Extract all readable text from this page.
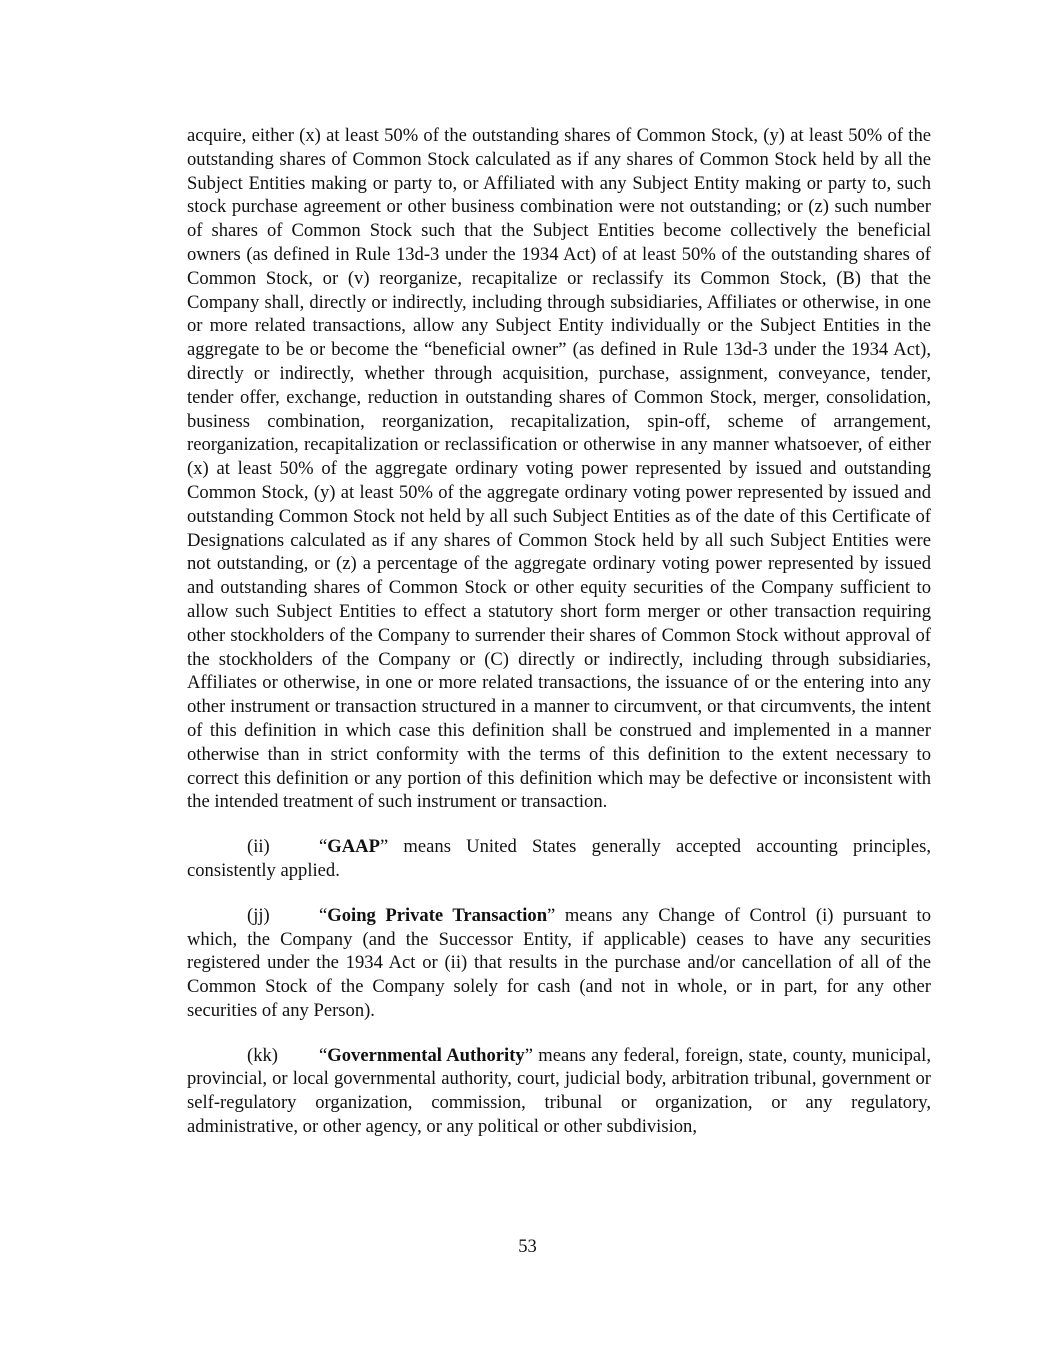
acquire, either (x) at least 50% of the outstanding shares of Common Stock, (y) at least 50% of the outstanding shares of Common Stock calculated as if any shares of Common Stock held by all the Subject Entities making or party to, or Affiliated with any Subject Entity making or party to, such stock purchase agreement or other business combination were not outstanding; or (z) such number of shares of Common Stock such that the Subject Entities become collectively the beneficial owners (as defined in Rule 13d-3 under the 1934 Act) of at least 50% of the outstanding shares of Common Stock, or (v) reorganize, recapitalize or reclassify its Common Stock, (B) that the Company shall, directly or indirectly, including through subsidiaries, Affiliates or otherwise, in one or more related transactions, allow any Subject Entity individually or the Subject Entities in the aggregate to be or become the “beneficial owner” (as defined in Rule 13d-3 under the 1934 Act), directly or indirectly, whether through acquisition, purchase, assignment, conveyance, tender, tender offer, exchange, reduction in outstanding shares of Common Stock, merger, consolidation, business combination, reorganization, recapitalization, spin-off, scheme of arrangement, reorganization, recapitalization or reclassification or otherwise in any manner whatsoever, of either (x) at least 50% of the aggregate ordinary voting power represented by issued and outstanding Common Stock, (y) at least 50% of the aggregate ordinary voting power represented by issued and outstanding Common Stock not held by all such Subject Entities as of the date of this Certificate of Designations calculated as if any shares of Common Stock held by all such Subject Entities were not outstanding, or (z) a percentage of the aggregate ordinary voting power represented by issued and outstanding shares of Common Stock or other equity securities of the Company sufficient to allow such Subject Entities to effect a statutory short form merger or other transaction requiring other stockholders of the Company to surrender their shares of Common Stock without approval of the stockholders of the Company or (C) directly or indirectly, including through subsidiaries, Affiliates or otherwise, in one or more related transactions, the issuance of or the entering into any other instrument or transaction structured in a manner to circumvent, or that circumvents, the intent of this definition in which case this definition shall be construed and implemented in a manner otherwise than in strict conformity with the terms of this definition to the extent necessary to correct this definition or any portion of this definition which may be defective or inconsistent with the intended treatment of such instrument or transaction.

(ii)	“GAAP” means United States generally accepted accounting principles, consistently applied.

(jj)	“Going Private Transaction” means any Change of Control (i) pursuant to which, the Company (and the Successor Entity, if applicable) ceases to have any securities registered under the 1934 Act or (ii) that results in the purchase and/or cancellation of all of the Common Stock of the Company solely for cash (and not in whole, or in part, for any other securities of any Person).

(kk) “Governmental Authority” means any federal, foreign, state, county, municipal, provincial, or local governmental authority, court, judicial body, arbitration tribunal, government or self-regulatory organization, commission, tribunal or organization, or any regulatory, administrative, or other agency, or any political or other subdivision,

53
